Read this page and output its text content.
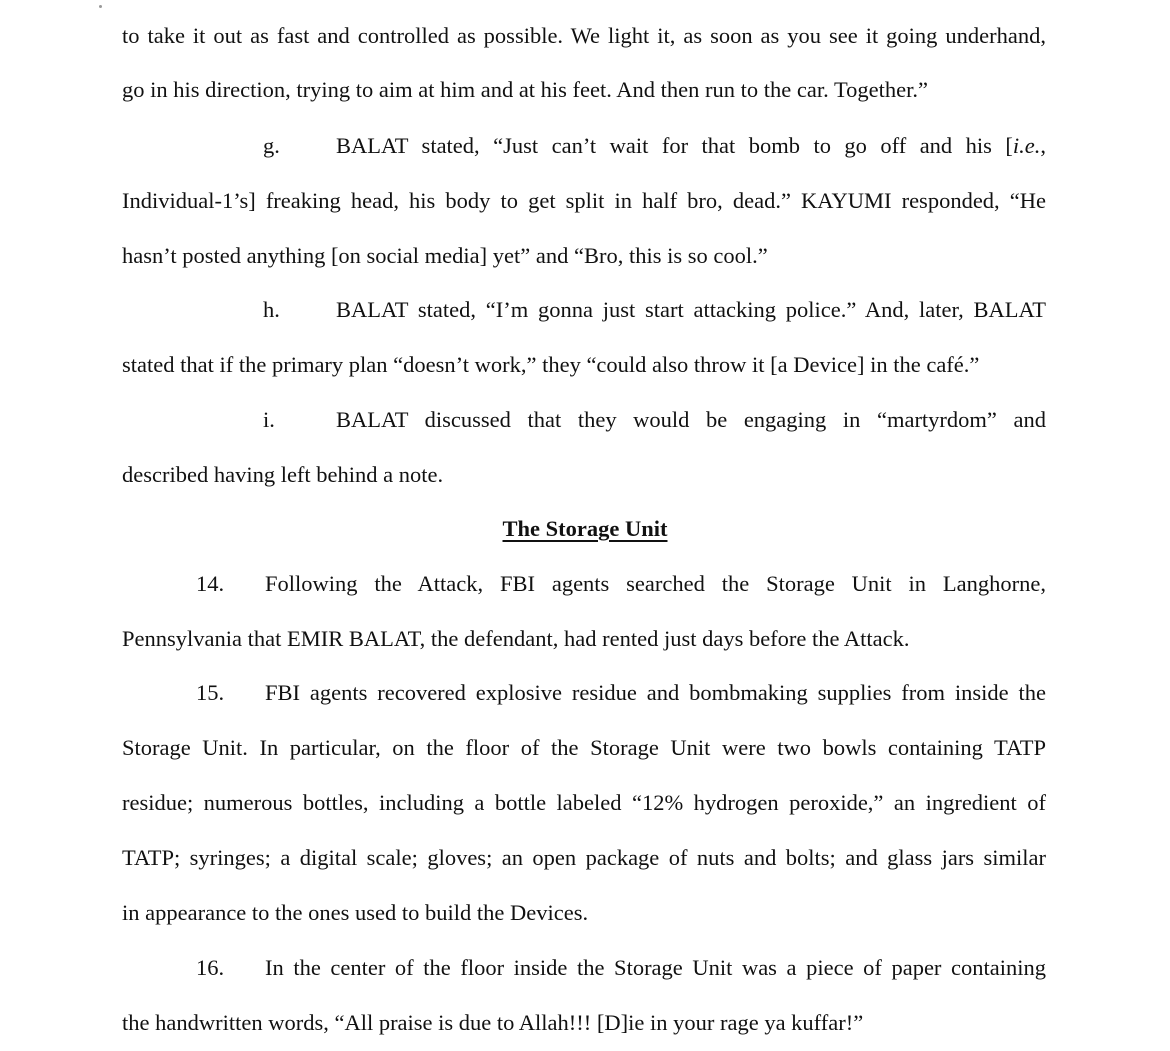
to take it out as fast and controlled as possible. We light it, as soon as you see it going underhand,

go in his direction, trying to aim at him and at his feet. And then run to the car. Together.”

g. BALAT stated, “Just can’t wait for that bomb to go off and his [i.e.,

Individual-1’s] freaking head, his body to get split in half bro, dead.” KAYUMI responded, “He

hasn’t posted anything [on social media] yet” and “Bro, this is so cool.”

h. BALAT stated, “I’m gonna just start attacking police.” And, later, BALAT

stated that if the primary plan “doesn’t work,” they “could also throw it [a Device] in the café.”

i.	BALAT discussed that they would be engaging in “martyrdom” and

described having left behind a note.

The Storage Unit

14. Following the Attack, FBI agents searched the Storage Unit in Langhorne,

Pennsylvania that EMIR BALAT, the defendant, had rented just days before the Attack.

15. FBI agents recovered explosive residue and bombmaking supplies from inside the

Storage Unit. In particular, on the floor of the Storage Unit were two bowls containing TATP

residue; numerous bottles, including a bottle labeled “12% hydrogen peroxide,” an ingredient of

TATP; syringes; a digital scale; gloves; an open package of nuts and bolts; and glass jars similar

in appearance to the ones used to build the Devices.

16. In the center of the floor inside the Storage Unit was a piece of paper containing

the handwritten words, “All praise is due to Allah!!! [D]ie in your rage ya kuffar!”
